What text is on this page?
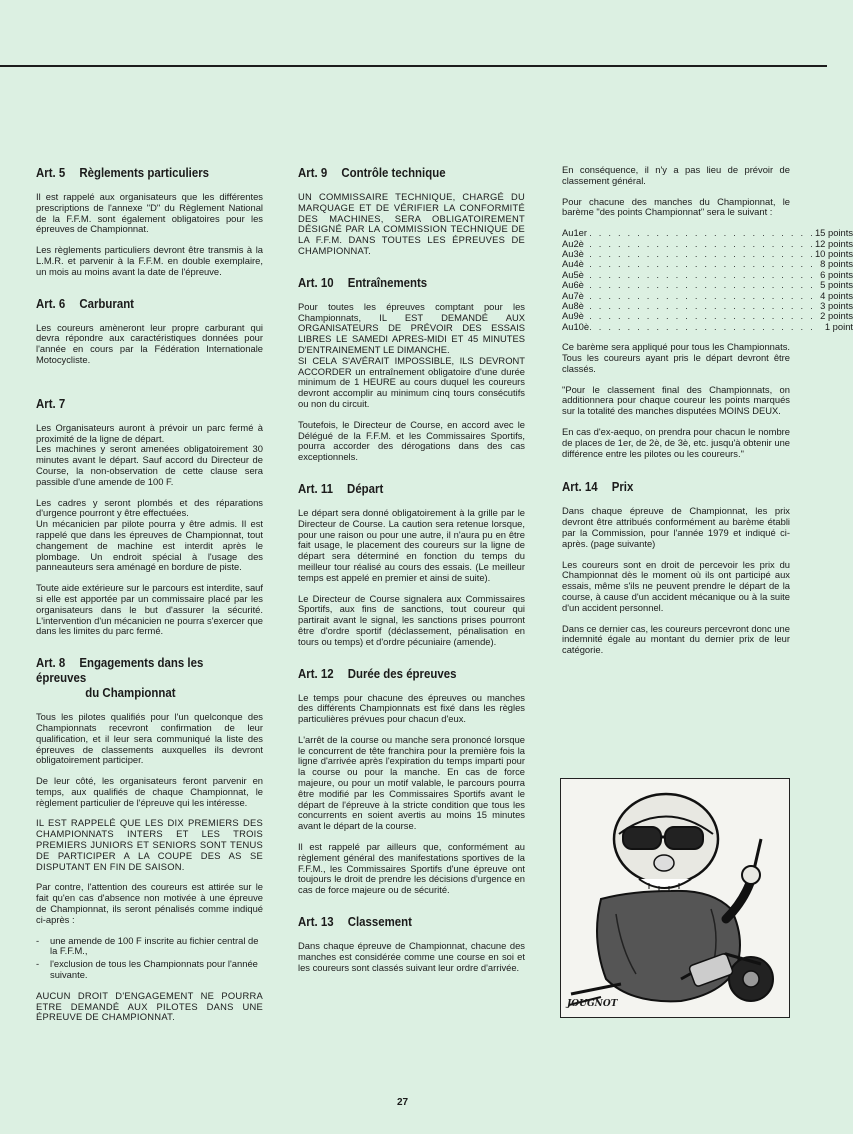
Art. 5 Règlements particuliers

Il est rappelé aux organisateurs que les différentes prescriptions de l'annexe "D" du Règlement National de la F.F.M. sont également obligatoires pour les épreuves de Championnat.

Les règlements particuliers devront être transmis à la L.M.R. et parvenir à la F.F.M. en double exemplaire, un mois au moins avant la date de l'épreuve.

Art. 6 Carburant

Les coureurs amèneront leur propre carburant qui devra répondre aux caractéristiques données pour l'année en cours par la Fédération Internationale Motocycliste.

Art. 7

Les Organisateurs auront à prévoir un parc fermé à proximité de la ligne de départ.

Les machines y seront amenées obligatoirement 30 minutes avant le départ. Sauf accord du Directeur de Course, la non-observation de cette clause sera passible d'une amende de 100 F.

Les cadres y seront plombés et des réparations d'urgence pourront y être effectuées.

Un mécanicien par pilote pourra y être admis. Il est rappelé que dans les épreuves de Championnat, tout changement de machine est interdit après le plombage. Un endroit spécial à l'usage des panneauteurs sera aménagé en bordure de piste.

Toute aide extérieure sur le parcours est interdite, sauf si elle est apportée par un commissaire placé par les organisateurs dans le but d'assurer la sécurité. L'intervention d'un mécanicien ne pourra s'exercer que dans les limites du parc fermé.

Art. 8 Engagements dans les épreuves
du Championnat

Tous les pilotes qualifiés pour l'un quelconque des Championnats recevront confirmation de leur qualification, et il leur sera communiqué la liste des épreuves de classements auxquelles ils devront obligatoirement participer.

De leur côté, les organisateurs feront parvenir en temps, aux qualifiés de chaque Championnat, le règlement particulier de l'épreuve qui les intéresse.

IL EST RAPPELÉ QUE LES DIX PREMIERS DES CHAMPIONNATS INTERS ET LES TROIS PREMIERS JUNIORS ET SENIORS SONT TENUS DE PARTICIPER A LA COUPE DES AS SE DISPUTANT EN FIN DE SAISON.

Par contre, l'attention des coureurs est attirée sur le fait qu'en cas d'absence non motivée à une épreuve de Championnat, ils seront pénalisés comme indiqué ci-après :

- une amende de 100 F inscrite au fichier central de la F.F.M.,
- l'exclusion de tous les Championnats pour l'année suivante.

AUCUN DROIT D'ENGAGEMENT NE POURRA ETRE DEMANDÉ AUX PILOTES DANS UNE ÉPREUVE DE CHAMPIONNAT.

Art. 9 Contrôle technique

UN COMMISSAIRE TECHNIQUE, CHARGÉ DU MARQUAGE ET DE VÉRIFIER LA CONFORMITÉ DES MACHINES, SERA OBLIGATOIREMENT DÉSIGNÉ PAR LA COMMISSION TECHNIQUE DE LA F.F.M. DANS TOUTES LES ÉPREUVES DE CHAMPIONNAT.

Art. 10 Entraînements

Pour toutes les épreuves comptant pour les Championnats, IL EST DEMANDÉ AUX ORGANISATEURS DE PRÉVOIR DES ESSAIS LIBRES LE SAMEDI APRES-MIDI ET 45 MINUTES D'ENTRAINEMENT LE DIMANCHE.

SI CELA S'AVÉRAIT IMPOSSIBLE, ILS DEVRONT ACCORDER un entraînement obligatoire d'une durée minimum de 1 HEURE au cours duquel les coureurs devront accomplir au minimum cinq tours consécutifs ou non du circuit.

Toutefois, le Directeur de Course, en accord avec le Délégué de la F.F.M. et les Commissaires Sportifs, pourra accorder des dérogations dans des cas exceptionnels.

Art. 11 Départ

Le départ sera donné obligatoirement à la grille par le Directeur de Course. La caution sera retenue lorsque, pour une raison ou pour une autre, il n'aura pu en être fait usage, le placement des coureurs sur la ligne de départ sera déterminé en fonction du temps du meilleur tour réalisé au cours des essais. (Le meilleur temps est appelé en premier et ainsi de suite).

Le Directeur de Course signalera aux Commissaires Sportifs, aux fins de sanctions, tout coureur qui partirait avant le signal, les sanctions prises pourront être d'ordre sportif (déclassement, pénalisation en tours ou temps) et d'ordre pécuniaire (amende).

Art. 12 Durée des épreuves

Le temps pour chacune des épreuves ou manches des différents Championnats est fixé dans les règles particulières prévues pour chacun d'eux.

L'arrêt de la course ou manche sera prononcé lorsque le concurrent de tête franchira pour la première fois la ligne d'arrivée après l'expiration du temps imparti pour la course ou pour la manche. En cas de force majeure, ou pour un motif valable, le parcours pourra être modifié par les Commissaires Sportifs avant le départ de l'épreuve à la stricte condition que tous les concurrents en soient avertis au moins 15 minutes avant le départ de la course.

Il est rappelé par ailleurs que, conformément au règlement général des manifestations sportives de la F.F.M., les Commissaires Sportifs d'une épreuve ont toujours le droit de prendre les décisions d'urgence en cas de force majeure ou de sécurité.

Art. 13 Classement

Dans chaque épreuve de Championnat, chacune des manches est considérée comme une course en soi et les coureurs sont classés suivant leur ordre d'arrivée.

En conséquence, il n'y a pas lieu de prévoir de classement général.

Pour chacune des manches du Championnat, le barème "des points Championnat" sera le suivant :

Au	1er	. . . . . . . . . . . . . . . . . . . . . . . .	15 points
Au	2è	. . . . . . . . . . . . . . . . . . . . . . . .	12 points
Au	3è	. . . . . . . . . . . . . . . . . . . . . . . .	10 points
Au	4è	. . . . . . . . . . . . . . . . . . . . . . . .	8 points
Au	5è	. . . . . . . . . . . . . . . . . . . . . . . .	6 points
Au	6è	. . . . . . . . . . . . . . . . . . . . . . . .	5 points
Au	7è	. . . . . . . . . . . . . . . . . . . . . . . .	4 points
Au	8è	. . . . . . . . . . . . . . . . . . . . . . . .	3 points
Au	9è	. . . . . . . . . . . . . . . . . . . . . . . .	2 points
Au	10è	. . . . . . . . . . . . . . . . . . . . . . . .	1 point

Ce barème sera appliqué pour tous les Championnats. Tous les coureurs ayant pris le départ devront être classés.

"Pour le classement final des Championnats, on additionnera pour chaque coureur les points marqués sur la totalité des manches disputées MOINS DEUX.

En cas d'ex-aequo, on prendra pour chacun le nombre de places de 1er, de 2è, de 3è, etc. jusqu'à obtenir une différence entre les pilotes ou les coureurs."

Art. 14 Prix

Dans chaque épreuve de Championnat, les prix devront être attribués conformément au barème établi par la Commission, pour l'année 1979 et indiqué ci-après. (page suivante)

Les coureurs sont en droit de percevoir les prix du Championnat dès le moment où ils ont participé aux essais, même s'ils ne peuvent prendre le départ de la course, à cause d'un accident mécanique ou à la suite d'un accident personnel.

Dans ce dernier cas, les coureurs percevront donc une indemnité égale au montant du dernier prix de leur catégorie.

JOUGNOT
27
